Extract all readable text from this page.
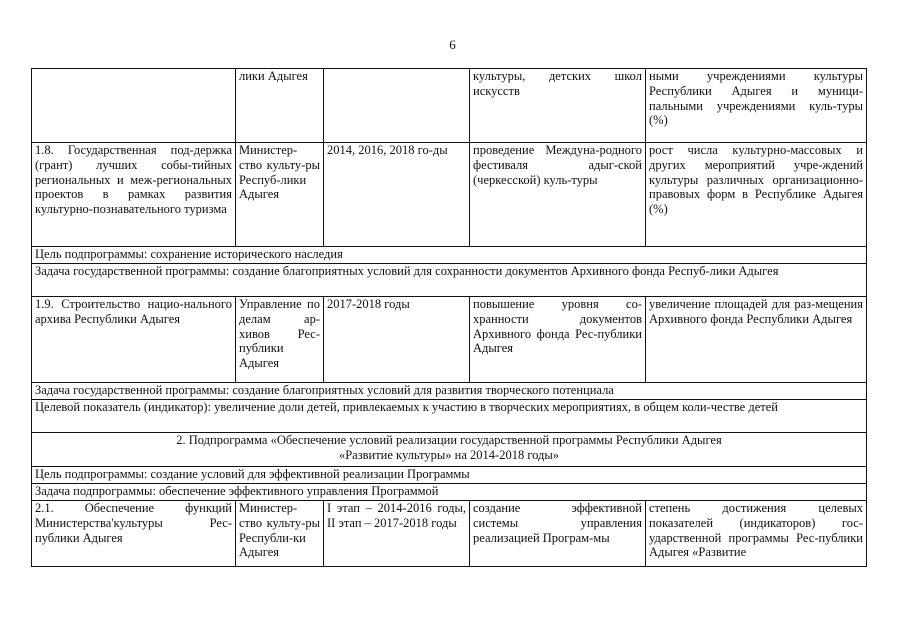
6
	лики Адыгея		культуры, детских школ искусств	ными учреждениями культуры Республики Адыгея и муници-пальными учреждениями куль-туры (%)
1.8. Государственная под-держка (грант) лучших собы-тийных региональных и меж-региональных проектов в рамках развития культурно-познавательного туризма	Министер-ство культу-ры Респуб-лики Адыгея	2014, 2016, 2018 го-ды	проведение Междуна-родного фестиваля адыг-ской (черкесской) куль-туры	рост числа культурно-массовых и других мероприятий учре-ждений культуры различных организационно-правовых форм в Республике Адыгея (%)
Цель подпрограммы: сохранение исторического наследия				
Задача государственной программы: создание благоприятных условий для сохранности документов Архивного фонда Респуб-лики Адыгея				
1.9. Строительство нацио-нального архива Республики Адыгея	Управление по делам ар-хивов Рес-публики Адыгея	2017-2018 годы	повышение уровня со-хранности документов Архивного фонда Рес-публики Адыгея	увеличение площадей для раз-мещения Архивного фонда Республики Адыгея
Задача государственной программы: создание благоприятных условий для развития творческого потенциала				
Целевой показатель (индикатор): увеличение доли детей, привлекаемых к участию в творческих мероприятиях, в общем коли-честве детей				
2. Подпрограмма «Обеспечение условий реализации государственной программы Республики Адыгея
«Развитие культуры» на 2014-2018 годы»				
Цель подпрограммы: создание условий для эффективной реализации Программы				
Задача подпрограммы: обеспечение эффективного управления Программой				
2.1. Обеспечение функций Министерства'культуры Рес-публики Адыгея	Министер-ство культу-ры Республи-ки Адыгея	I этап – 2014-2016 годы, II этап – 2017-2018 годы	создание эффективной системы управления реализацией Програм-мы	степень достижения целевых показателей (индикаторов) гос-ударственной программы Рес-публики Адыгея «Развитие
